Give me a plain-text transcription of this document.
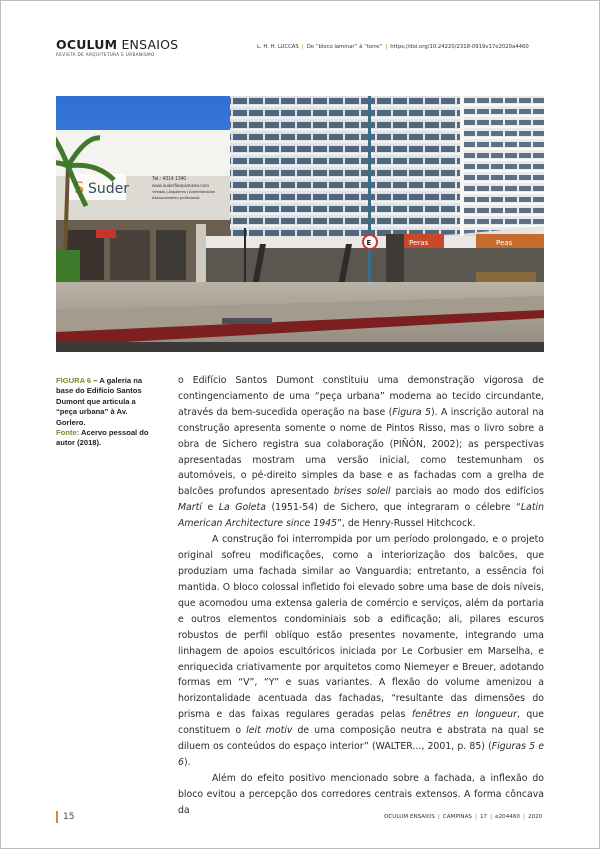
OCULUM ENSAIOS
REVISTA DE ARQUITETURA E URBANISMO
L. H. H. LUCCAS | Do “bloco laminar” à “torre” | https://doi.org/10.24220/2318-0919v17e2020a4460
S Suder
Tel.: 4314 1340
www.suderfieacasnesa.com
Vendas | Alquileres | Administración
Asesoramiento profesional
Peras	Peas
E
FIGURA 6 – A galeria na base do Edifício Santos Dumont que articula a “peça urbana” à Av. Gorlero.
Fonte: Acervo pessoal do autor (2018).

o Edifício Santos Dumont constituiu uma demonstração vigorosa de contingenciamento de uma “peça urbana” moderna ao tecido circundante, através da bem-sucedida operação na base (Figura 5). A inscrição autoral na construção apresenta somente o nome de Pintos Risso, mas o livro sobre a obra de Sichero registra sua colaboração (PIÑÓN, 2002); as perspectivas apresentadas mostram uma versão inicial, como testemunham os automóveis, o pé-direito simples da base e as fachadas com a grelha de balcões profundos apresentado brises soleil parciais ao modo dos edifícios Martí e La Goleta (1951-54) de Sichero, que integraram o célebre “Latin American Architecture since 1945”, de Henry-Russel Hitchcock.

A construção foi interrompida por um período prolongado, e o projeto original sofreu modificações, como a interiorização dos balcões, que produziam uma fachada similar ao Vanguardia; entretanto, a essência foi mantida. O bloco colossal infletido foi elevado sobre uma base de dois níveis, que acomodou uma extensa galeria de comércio e serviços, além da portaria e outros elementos condominiais sob a edificação; ali, pilares escuros robustos de perfil oblíquo estão presentes novamente, integrando uma linhagem de apoios escultóricos iniciada por Le Corbusier em Marselha, e enriquecida criativamente por arquitetos como Niemeyer e Breuer, adotando formas em “V”, “Y” e suas variantes. A flexão do volume amenizou a horizontalidade acentuada das fachadas, “resultante das dimensões do prisma e das faixas regulares geradas pelas fenêtres en longueur, que constituem o leit motiv de uma composição neutra e abstrata na qual se diluem os conteúdos do espaço interior” (WALTER..., 2001, p. 85) (Figuras 5 e 6).

Além do efeito positivo mencionado sobre a fachada, a inflexão do bloco evitou a percepção dos corredores centrais extensos. A forma côncava da

15	OCULUM ENSAIOS | CAMPINAS | 17 | e204460 | 2020
